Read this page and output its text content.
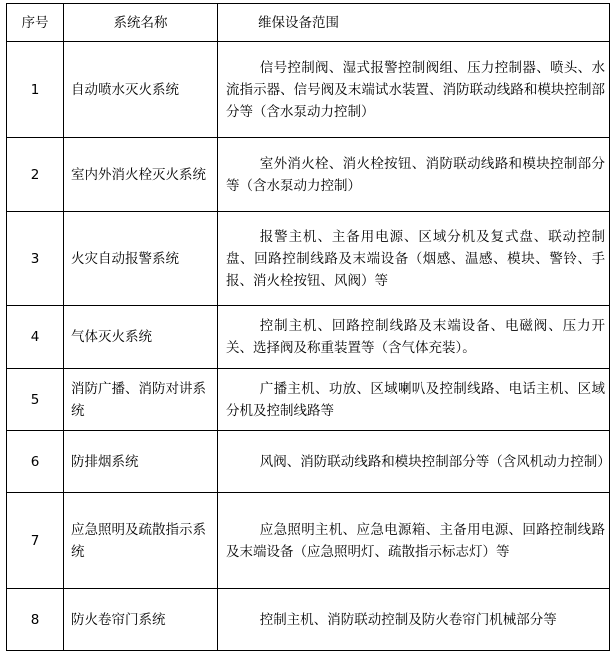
序号	系统名称	维保设备范围
1	自动喷水灭火系统	信号控制阀、湿式报警控制阀组、压力控制器、喷头、水流指示器、信号阀及末端试水装置、消防联动线路和模块控制部分等（含水泵动力控制）
2	室内外消火栓灭火系统	室外消火栓、消火栓按钮、消防联动线路和模块控制部分等（含水泵动力控制）
3	火灾自动报警系统	报警主机、主备用电源、区域分机及复式盘、联动控制盘、回路控制线路及末端设备（烟感、温感、模块、警铃、手报、消火栓按钮、风阀）等
4	气体灭火系统	控制主机、回路控制线路及末端设备、电磁阀、压力开关、选择阀及称重装置等（含气体充装）。
5	消防广播、消防对讲系统	广播主机、功放、区域喇叭及控制线路、电话主机、区域分机及控制线路等
6	防排烟系统	风阀、消防联动线路和模块控制部分等（含风机动力控制）
7	应急照明及疏散指示系统	应急照明主机、应急电源箱、主备用电源、回路控制线路及末端设备（应急照明灯、疏散指示标志灯）等
8	防火卷帘门系统	控制主机、消防联动控制及防火卷帘门机械部分等
